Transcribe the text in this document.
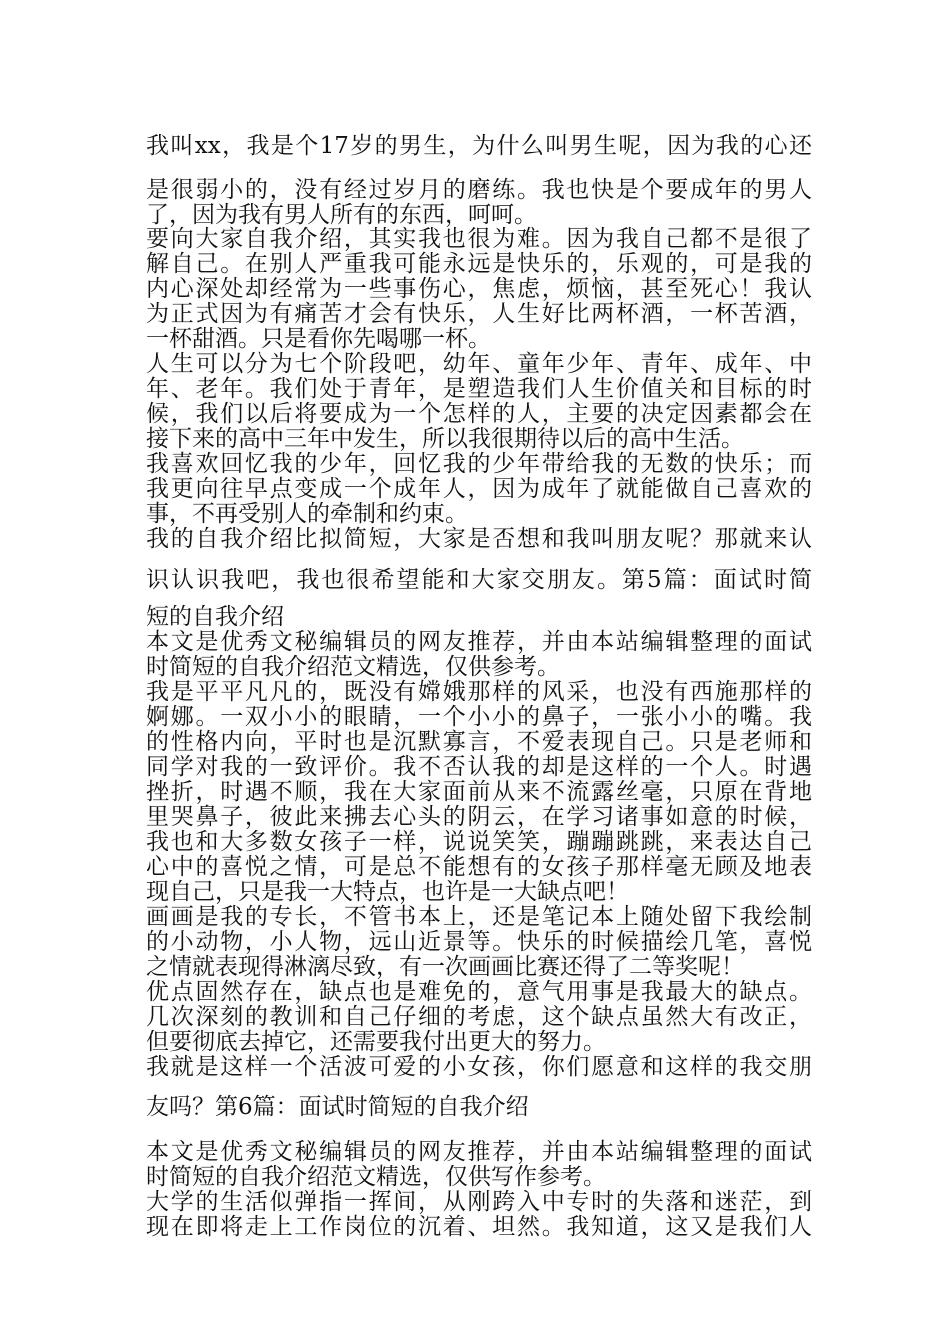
我叫xx，我是个17岁的男生，为什么叫男生呢，因为我的心还

是很弱小的，没有经过岁月的磨练。我也快是个要成年的男人
了，因为我有男人所有的东西，呵呵。

要向大家自我介绍，其实我也很为难。因为我自己都不是很了
解自己。在别人严重我可能永远是快乐的，乐观的，可是我的
内心深处却经常为一些事伤心，焦虑，烦恼，甚至死心！我认
为正式因为有痛苦才会有快乐，人生好比两杯酒，一杯苦酒，
一杯甜酒。只是看你先喝哪一杯。

人生可以分为七个阶段吧，幼年、童年少年、青年、成年、中
年、老年。我们处于青年，是塑造我们人生价值关和目标的时
候，我们以后将要成为一个怎样的人，主要的决定因素都会在
接下来的高中三年中发生，所以我很期待以后的高中生活。

我喜欢回忆我的少年，回忆我的少年带给我的无数的快乐；而
我更向往早点变成一个成年人，因为成年了就能做自己喜欢的
事，不再受别人的牵制和约束。

我的自我介绍比拟简短，大家是否想和我叫朋友呢？那就来认

识认识我吧，我也很希望能和大家交朋友。第5篇：面试时简

短的自我介绍

本文是优秀文秘编辑员的网友推荐，并由本站编辑整理的面试
时简短的自我介绍范文精选，仅供参考。

我是平平凡凡的，既没有嫦娥那样的风采，也没有西施那样的
婀娜。一双小小的眼睛，一个小小的鼻子，一张小小的嘴。我
的性格内向，平时也是沉默寡言，不爱表现自己。只是老师和
同学对我的一致评价。我不否认我的却是这样的一个人。时遇
挫折，时遇不顺，我在大家面前从来不流露丝毫，只原在背地
里哭鼻子，彼此来拂去心头的阴云，在学习诸事如意的时候，
我也和大多数女孩子一样，说说笑笑，蹦蹦跳跳，来表达自己
心中的喜悦之情，可是总不能想有的女孩子那样毫无顾及地表
现自己，只是我一大特点，也许是一大缺点吧！

画画是我的专长，不管书本上，还是笔记本上随处留下我绘制
的小动物，小人物，远山近景等。快乐的时候描绘几笔，喜悦
之情就表现得淋漓尽致，有一次画画比赛还得了二等奖呢！

优点固然存在，缺点也是难免的，意气用事是我最大的缺点。
几次深刻的教训和自己仔细的考虑，这个缺点虽然大有改正，
但要彻底去掉它，还需要我付出更大的努力。

我就是这样一个活波可爱的小女孩，你们愿意和这样的我交朋

友吗？第6篇：面试时简短的自我介绍

本文是优秀文秘编辑员的网友推荐，并由本站编辑整理的面试
时简短的自我介绍范文精选，仅供写作参考。

大学的生活似弹指一挥间，从刚跨入中专时的失落和迷茫，到
现在即将走上工作岗位的沉着、坦然。我知道，这又是我们人
